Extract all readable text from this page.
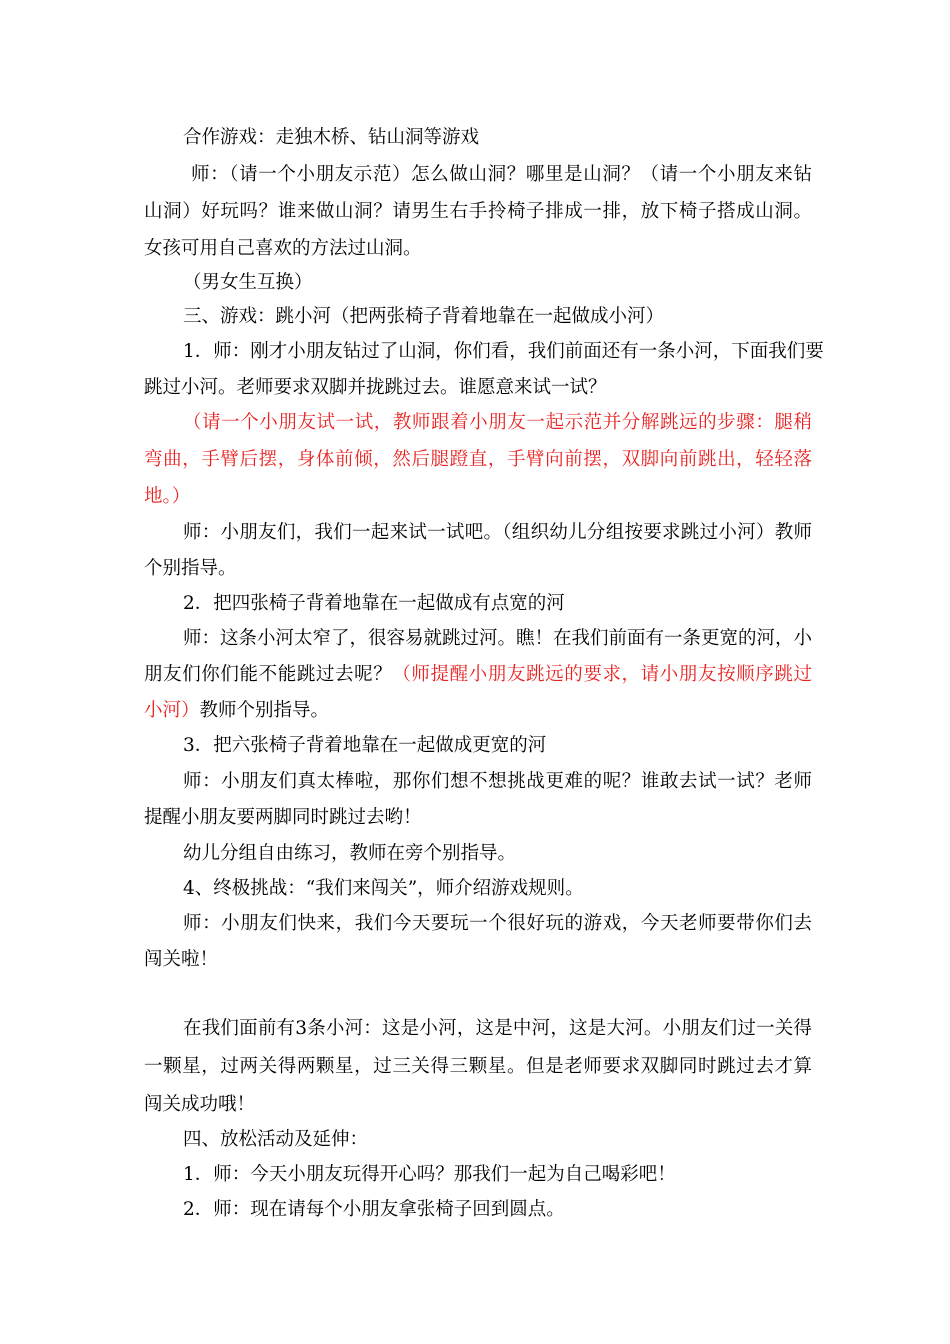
合作游戏：走独木桥、钻山洞等游戏
师：（请一个小朋友示范）怎么做山洞？哪里是山洞？（请一个小朋友来钻
山洞）好玩吗？谁来做山洞？请男生右手拎椅子排成一排，放下椅子搭成山洞。
女孩可用自己喜欢的方法过山洞。
（男女生互换）
三、游戏：跳小河（把两张椅子背着地靠在一起做成小河）
1．师：刚才小朋友钻过了山洞，你们看，我们前面还有一条小河，下面我们要
跳过小河。老师要求双脚并拢跳过去。谁愿意来试一试？
（请一个小朋友试一试，教师跟着小朋友一起示范并分解跳远的步骤：腿稍
弯曲，手臂后摆，身体前倾，然后腿蹬直，手臂向前摆，双脚向前跳出，轻轻落
地。）
师：小朋友们，我们一起来试一试吧。（组织幼儿分组按要求跳过小河）教师
个别指导。
2．把四张椅子背着地靠在一起做成有点宽的河
师：这条小河太窄了，很容易就跳过河。瞧！在我们前面有一条更宽的河，小
朋友们你们能不能跳过去呢？（师提醒小朋友跳远的要求，请小朋友按顺序跳过
小河）教师个别指导。
3．把六张椅子背着地靠在一起做成更宽的河
师：小朋友们真太棒啦，那你们想不想挑战更难的呢？谁敢去试一试？老师
提醒小朋友要两脚同时跳过去哟！
幼儿分组自由练习，教师在旁个别指导。
4、终极挑战：“我们来闯关”，师介绍游戏规则。
师：小朋友们快来，我们今天要玩一个很好玩的游戏，今天老师要带你们去
闯关啦！
在我们面前有3条小河：这是小河，这是中河，这是大河。小朋友们过一关得
一颗星，过两关得两颗星，过三关得三颗星。但是老师要求双脚同时跳过去才算
闯关成功哦！
四、放松活动及延伸：
1．师：今天小朋友玩得开心吗？那我们一起为自己喝彩吧！
2．师：现在请每个小朋友拿张椅子回到圆点。
